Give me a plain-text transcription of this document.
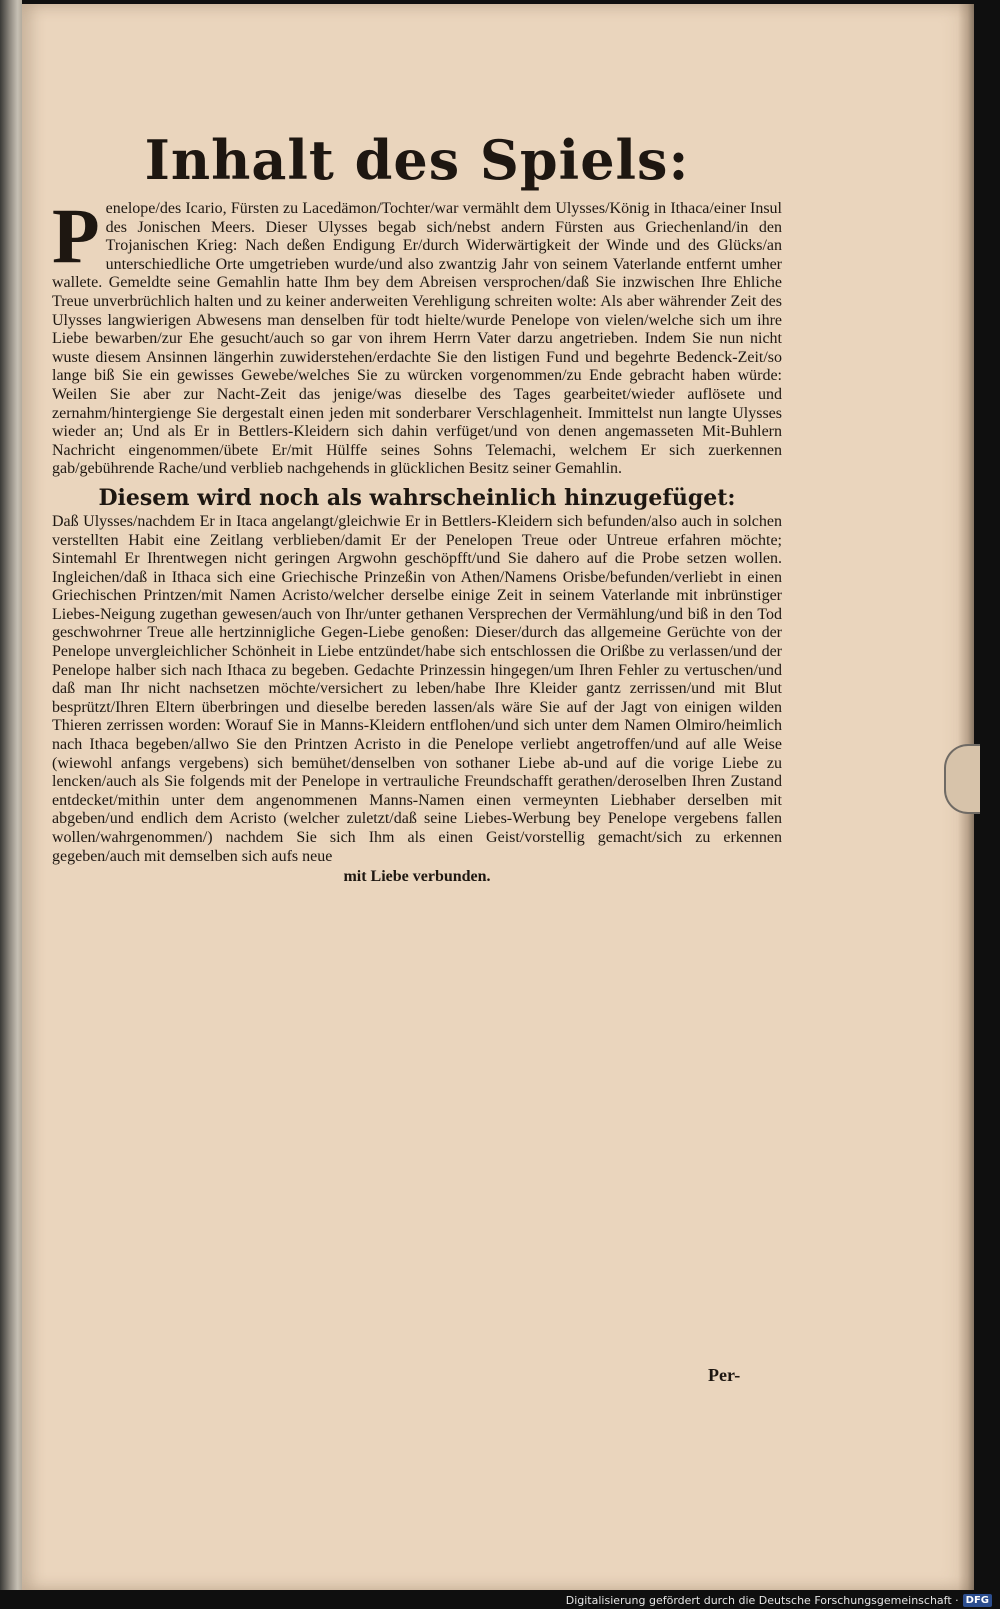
Inhalt des Spiels:

Penelope/des Icario, Fürsten zu Lacedämon/Tochter/war vermählt dem Ulysses/König in Ithaca/einer Insul des Jonischen Meers. Dieser Ulysses begab sich/nebst andern Fürsten aus Griechenland/in den Trojanischen Krieg: Nach deßen Endigung Er/durch Widerwärtigkeit der Winde und des Glücks/an unterschiedliche Orte umgetrieben wurde/und also zwantzig Jahr von seinem Vaterlande entfernt umher wallete. Gemeldte seine Gemahlin hatte Ihm bey dem Abreisen versprochen/daß Sie inzwischen Ihre Ehliche Treue unverbrüchlich halten und zu keiner anderweiten Verehligung schreiten wolte: Als aber währender Zeit des Ulysses langwierigen Abwesens man denselben für todt hielte/wurde Penelope von vielen/welche sich um ihre Liebe bewarben/zur Ehe gesucht/auch so gar von ihrem Herrn Vater darzu angetrieben. Indem Sie nun nicht wuste diesem Ansinnen längerhin zuwiderstehen/erdachte Sie den listigen Fund und begehrte Bedenck-Zeit/so lange biß Sie ein gewisses Gewebe/welches Sie zu würcken vorgenommen/zu Ende gebracht haben würde: Weilen Sie aber zur Nacht-Zeit das jenige/was dieselbe des Tages gearbeitet/wieder auflösete und zernahm/hintergienge Sie dergestalt einen jeden mit sonderbarer Verschlagenheit. Immittelst nun langte Ulysses wieder an; Und als Er in Bettlers-Kleidern sich dahin verfüget/und von denen angemasseten Mit-Buhlern Nachricht eingenommen/übete Er/mit Hülffe seines Sohns Telemachi, welchem Er sich zuerkennen gab/gebührende Rache/und verblieb nachgehends in glücklichen Besitz seiner Gemahlin.

Diesem wird noch als wahrscheinlich hinzugefüget:

Daß Ulysses/nachdem Er in Itaca angelangt/gleichwie Er in Bettlers-Kleidern sich befunden/also auch in solchen verstellten Habit eine Zeitlang verblieben/damit Er der Penelopen Treue oder Untreue erfahren möchte; Sintemahl Er Ihrentwegen nicht geringen Argwohn geschöpfft/und Sie dahero auf die Probe setzen wollen. Ingleichen/daß in Ithaca sich eine Griechische Prinzeßin von Athen/Namens Orisbe/befunden/verliebt in einen Griechischen Printzen/mit Namen Acristo/welcher derselbe einige Zeit in seinem Vaterlande mit inbrünstiger Liebes-Neigung zugethan gewesen/auch von Ihr/unter gethanen Versprechen der Vermählung/und biß in den Tod geschwohrner Treue alle hertzinnigliche Gegen-Liebe genoßen: Dieser/durch das allgemeine Gerüchte von der Penelope unvergleichlicher Schönheit in Liebe entzündet/habe sich entschlossen die Orißbe zu verlassen/und der Penelope halber sich nach Ithaca zu begeben. Gedachte Prinzessin hingegen/um Ihren Fehler zu vertuschen/und daß man Ihr nicht nachsetzen möchte/versichert zu leben/habe Ihre Kleider gantz zerrissen/und mit Blut besprützt/Ihren Eltern überbringen und dieselbe bereden lassen/als wäre Sie auf der Jagt von einigen wilden Thieren zerrissen worden: Worauf Sie in Manns-Kleidern entflohen/und sich unter dem Namen Olmiro/heimlich nach Ithaca begeben/allwo Sie den Printzen Acristo in die Penelope verliebt angetroffen/und auf alle Weise (wiewohl anfangs vergebens) sich bemühet/denselben von sothaner Liebe ab-und auf die vorige Liebe zu lencken/auch als Sie folgends mit der Penelope in vertrauliche Freundschafft gerathen/deroselben Ihren Zustand entdecket/mithin unter dem angenommenen Manns-Namen einen vermeynten Liebhaber derselben mit abgeben/und endlich dem Acristo (welcher zuletzt/daß seine Liebes-Werbung bey Penelope vergebens fallen wollen/wahrgenommen/) nachdem Sie sich Ihm als einen Geist/vorstellig gemacht/sich zu erkennen gegeben/auch mit demselben sich aufs neue

mit Liebe verbunden.
Per-
Digitalisierung gefördert durch die Deutsche Forschungsgemeinschaft · DFG
